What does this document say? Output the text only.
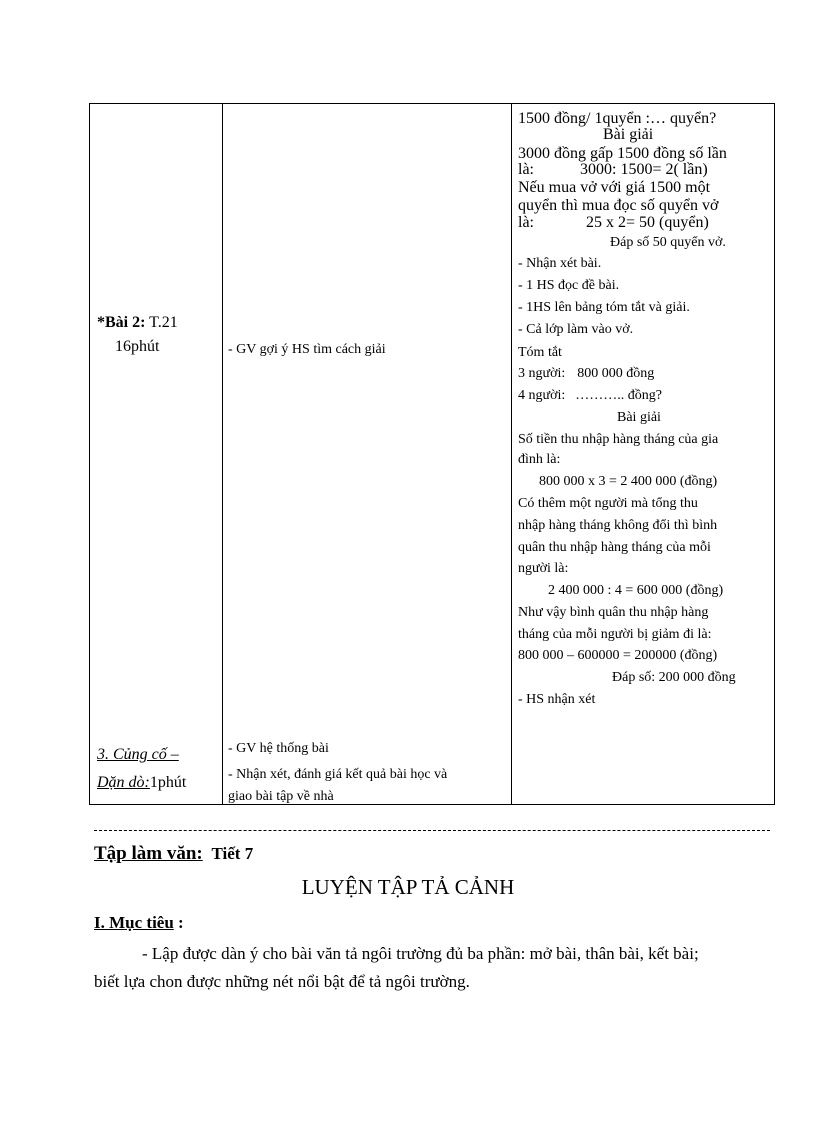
*Bài 2: T.21
16phút
3. Củng cố –
Dặn dò:1phút
- GV gợi ý HS tìm cách giải
- GV hệ thống bài
- Nhận xét, đánh giá kết quả bài học và
giao bài tập về nhà
1500 đồng/ 1quyển :… quyển?
Bài giải
3000 đồng gấp 1500 đồng số lần
là:	3000: 1500= 2( lần)
Nếu mua vở với giá 1500 một
quyển thì mua đọc số quyển vở
là:	25 x 2= 50 (quyển)
Đáp số 50 quyển vở.
- Nhận xét bài.
- 1 HS đọc đề bài.
- 1HS lên bảng tóm tắt và giải.
- Cả lớp làm vào vở.
Tóm tắt
3 người: 800 000 đồng
4 người: ……….. đồng?
Bài giải
Số tiền thu nhập hàng tháng của gia
đình là:
800 000 x 3 = 2 400 000 (đồng)
Có thêm một người mà tổng thu
nhập hàng tháng không đổi thì bình
quân thu nhập hàng tháng của mỗi
người là:
2 400 000 : 4 = 600 000 (đồng)
Như vậy bình quân thu nhập hàng
tháng của mỗi người bị giảm đi là:
800 000 – 600000 = 200000 (đồng)
Đáp số: 200 000 đồng
- HS nhận xét
Tập làm văn: Tiết 7
LUYỆN TẬP TẢ CẢNH
I. Mục tiêu :
- Lập được dàn ý cho bài văn tả ngôi trường đủ ba phần: mở bài, thân bài, kết bài;
biết lựa chon được những nét nổi bật để tả ngôi trường.
